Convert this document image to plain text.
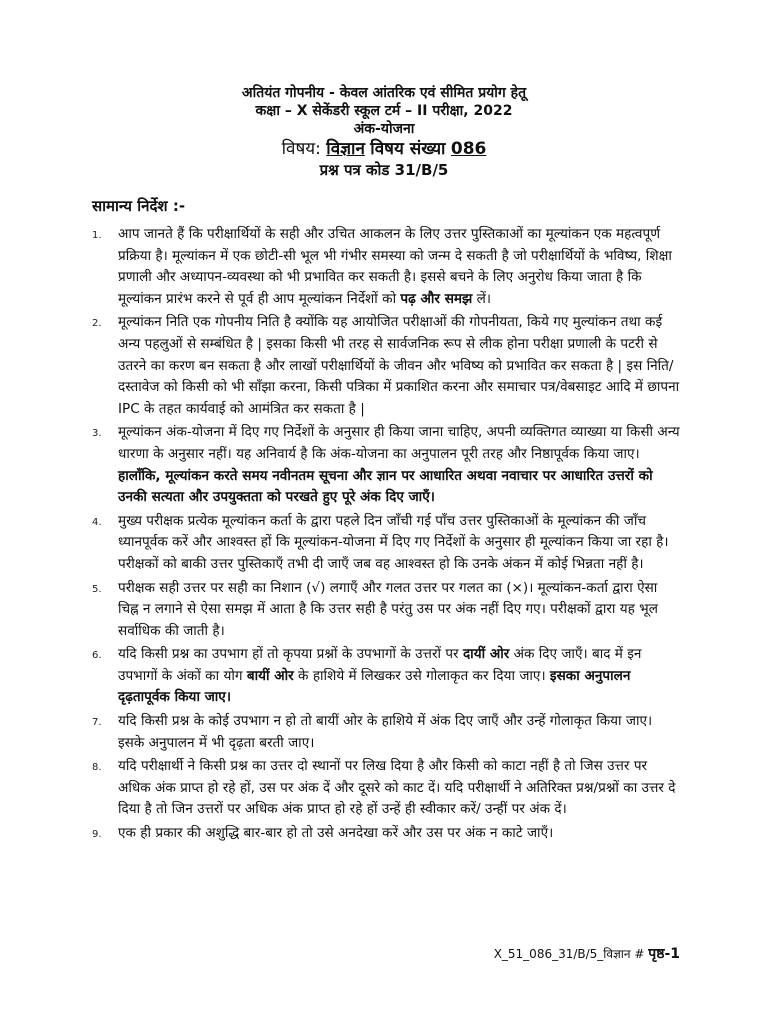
अतियंत गोपनीय - केवल आंतरिक एवं सीमित प्रयोग हेतू
कक्षा – X सेकेंडरी स्कूल टर्म – II परीक्षा, 2022
अंक-योजना
विषय: विज्ञान विषय संख्या 086
प्रश्न पत्र कोड 31/B/5
सामान्य निर्देश :-
1. आप जानते हैं कि परीक्षार्थियों के सही और उचित आकलन के लिए उत्तर पुस्तिकाओं का मूल्यांकन एक महत्वपूर्ण प्रक्रिया है। मूल्यांकन में एक छोटी-सी भूल भी गंभीर समस्या को जन्म दे सकती है जो परीक्षार्थियों के भविष्य, शिक्षा प्रणाली और अध्यापन-व्यवस्था को भी प्रभावित कर सकती है। इससे बचने के लिए अनुरोध किया जाता है कि मूल्यांकन प्रारंभ करने से पूर्व ही आप मूल्यांकन निर्देशों को पढ़ और समझ लें।
2. मूल्यांकन निति एक गोपनीय निति है क्योंकि यह आयोजित परीक्षाओं की गोपनीयता, किये गए मुल्यांकन तथा कई अन्य पहलुओं से सम्बंधित है | इसका किसी भी तरह से सार्वजनिक रूप से लीक होना परीक्षा प्रणाली के पटरी से उतरने का करण बन सकता है और लाखों परीक्षार्थियों के जीवन और भविष्य को प्रभावित कर सकता है | इस निति/दस्तावेज को किसी को भी साँझा करना, किसी पत्रिका में प्रकाशित करना और समाचार पत्र/वेबसाइट आदि में छापना IPC के तहत कार्यवाई को आमंत्रित कर सकता है |
3. मूल्यांकन अंक-योजना में दिए गए निर्देशों के अनुसार ही किया जाना चाहिए, अपनी व्यक्तिगत व्याख्या या किसी अन्य धारणा के अनुसार नहीं। यह अनिवार्य है कि अंक-योजना का अनुपालन पूरी तरह और निष्ठापूर्वक किया जाए। हालाँकि, मूल्यांकन करते समय नवीनतम सूचना और ज्ञान पर आधारित अथवा नवाचार पर आधारित उत्तरों को उनकी सत्यता और उपयुक्तता को परखते हुए पूरे अंक दिए जाएँ।
4. मुख्य परीक्षक प्रत्येक मूल्यांकन कर्ता के द्वारा पहले दिन जाँची गई पाँच उत्तर पुस्तिकाओं के मूल्यांकन की जाँच ध्यानपूर्वक करें और आश्वस्त हों कि मूल्यांकन-योजना में दिए गए निर्देशों के अनुसार ही मूल्यांकन किया जा रहा है। परीक्षकों को बाकी उत्तर पुस्तिकाएँ तभी दी जाएँ जब वह आश्वस्त हो कि उनके अंकन में कोई भिन्नता नहीं है।
5. परीक्षक सही उत्तर पर सही का निशान (√) लगाएँ और गलत उत्तर पर गलत का (×)। मूल्यांकन-कर्ता द्वारा ऐसा चिह्न न लगाने से ऐसा समझ में आता है कि उत्तर सही है परंतु उस पर अंक नहीं दिए गए। परीक्षकों द्वारा यह भूल सर्वाधिक की जाती है।
6. यदि किसी प्रश्न का उपभाग हों तो कृपया प्रश्नों के उपभागों के उत्तरों पर दायीं ओर अंक दिए जाएँ। बाद में इन उपभागों के अंकों का योग बायीं ओर के हाशिये में लिखकर उसे गोलाकृत कर दिया जाए। इसका अनुपालन दृढ़तापूर्वक किया जाए।
7. यदि किसी प्रश्न के कोई उपभाग न हो तो बायीं ओर के हाशिये में अंक दिए जाएँ और उन्हें गोलाकृत किया जाए। इसके अनुपालन में भी दृढ़ता बरती जाए।
8. यदि परीक्षार्थी ने किसी प्रश्न का उत्तर दो स्थानों पर लिख दिया है और किसी को काटा नहीं है तो जिस उत्तर पर अधिक अंक प्राप्त हो रहे हों, उस पर अंक दें और दूसरे को काट दें। यदि परीक्षार्थी ने अतिरिक्त प्रश्न/प्रश्नों का उत्तर दे दिया है तो जिन उत्तरों पर अधिक अंक प्राप्त हो रहे हों उन्हें ही स्वीकार करें/ उन्हीं पर अंक दें।
9. एक ही प्रकार की अशुद्धि बार-बार हो तो उसे अनदेखा करें और उस पर अंक न काटे जाएँ।
X_51_086_31/B/5_विज्ञान # पृष्ठ-1
